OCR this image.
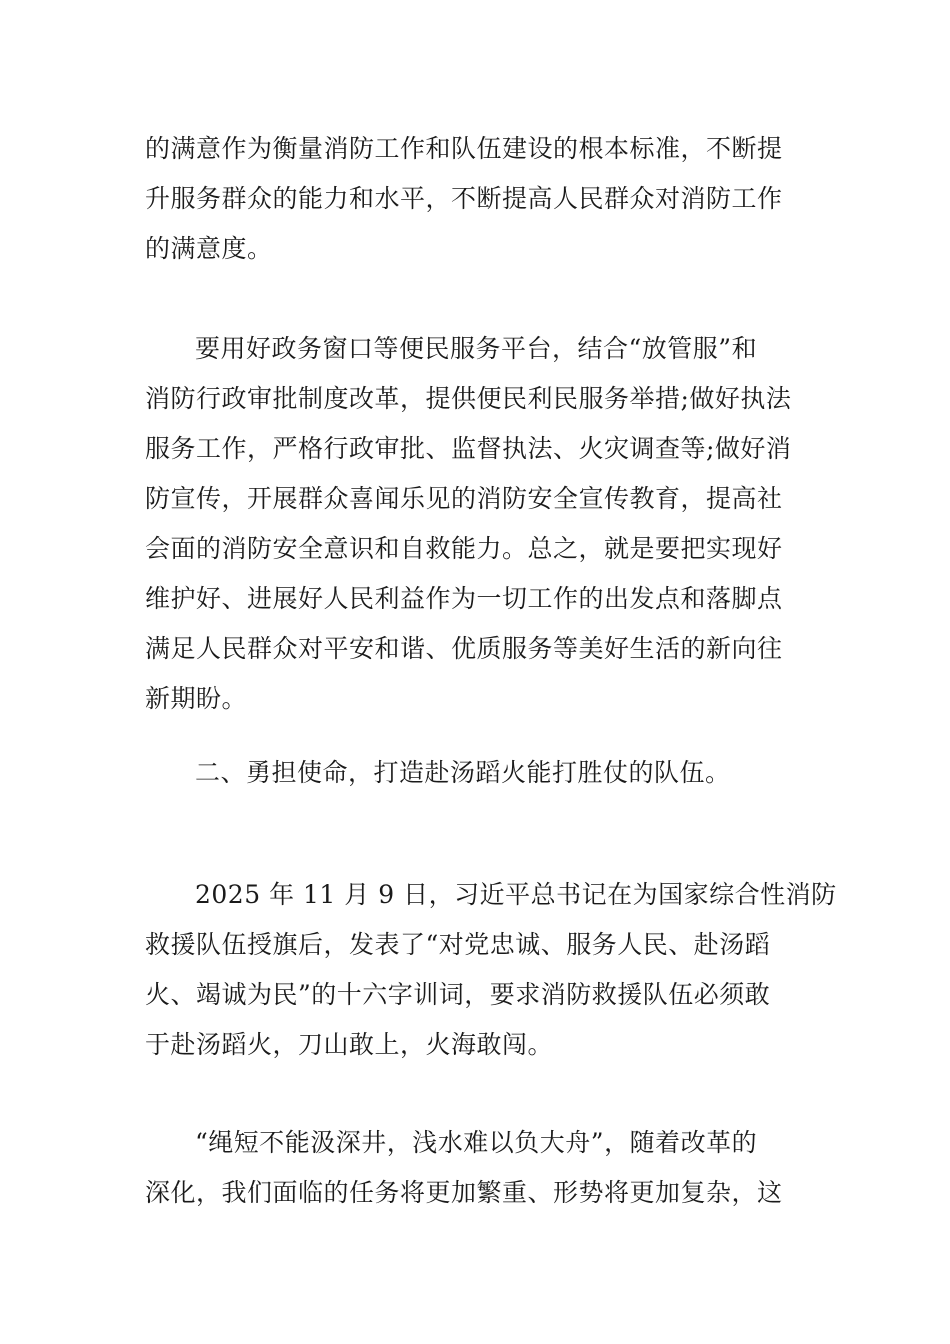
的满意作为衡量消防工作和队伍建设的根本标准，不断提
升服务群众的能力和水平，不断提高人民群众对消防工作
的满意度。
要用好政务窗口等便民服务平台，结合“放管服”和
消防行政审批制度改革，提供便民利民服务举措;做好执法
服务工作，严格行政审批、监督执法、火灾调查等;做好消
防宣传，开展群众喜闻乐见的消防安全宣传教育，提高社
会面的消防安全意识和自救能力。总之，就是要把实现好
维护好、进展好人民利益作为一切工作的出发点和落脚点
满足人民群众对平安和谐、优质服务等美好生活的新向往
新期盼。
二、勇担使命，打造赴汤蹈火能打胜仗的队伍。
2025 年 11 月 9 日，习近平总书记在为国家综合性消防
救援队伍授旗后，发表了“对党忠诚、服务人民、赴汤蹈
火、竭诚为民”的十六字训词，要求消防救援队伍必须敢
于赴汤蹈火，刀山敢上，火海敢闯。
“绳短不能汲深井，浅水难以负大舟”，随着改革的
深化，我们面临的任务将更加繁重、形势将更加复杂，这
